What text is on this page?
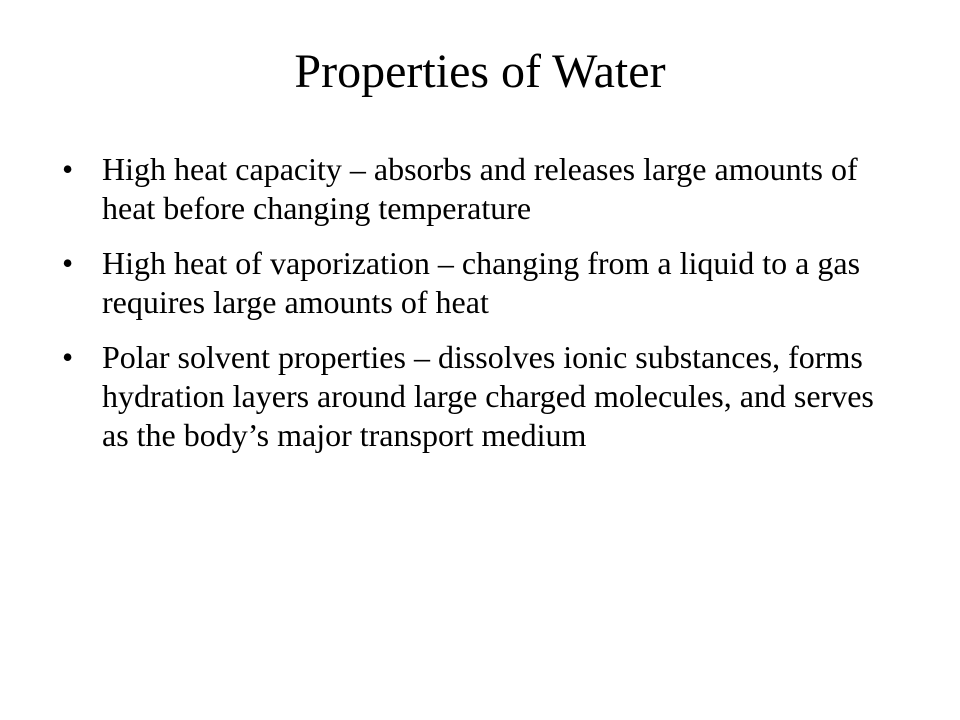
Properties of Water
• High heat capacity – absorbs and releases large amounts of heat before changing temperature
• High heat of vaporization – changing from a liquid to a gas requires large amounts of heat
• Polar solvent properties – dissolves ionic substances, forms hydration layers around large charged molecules, and serves as the body’s major transport medium
